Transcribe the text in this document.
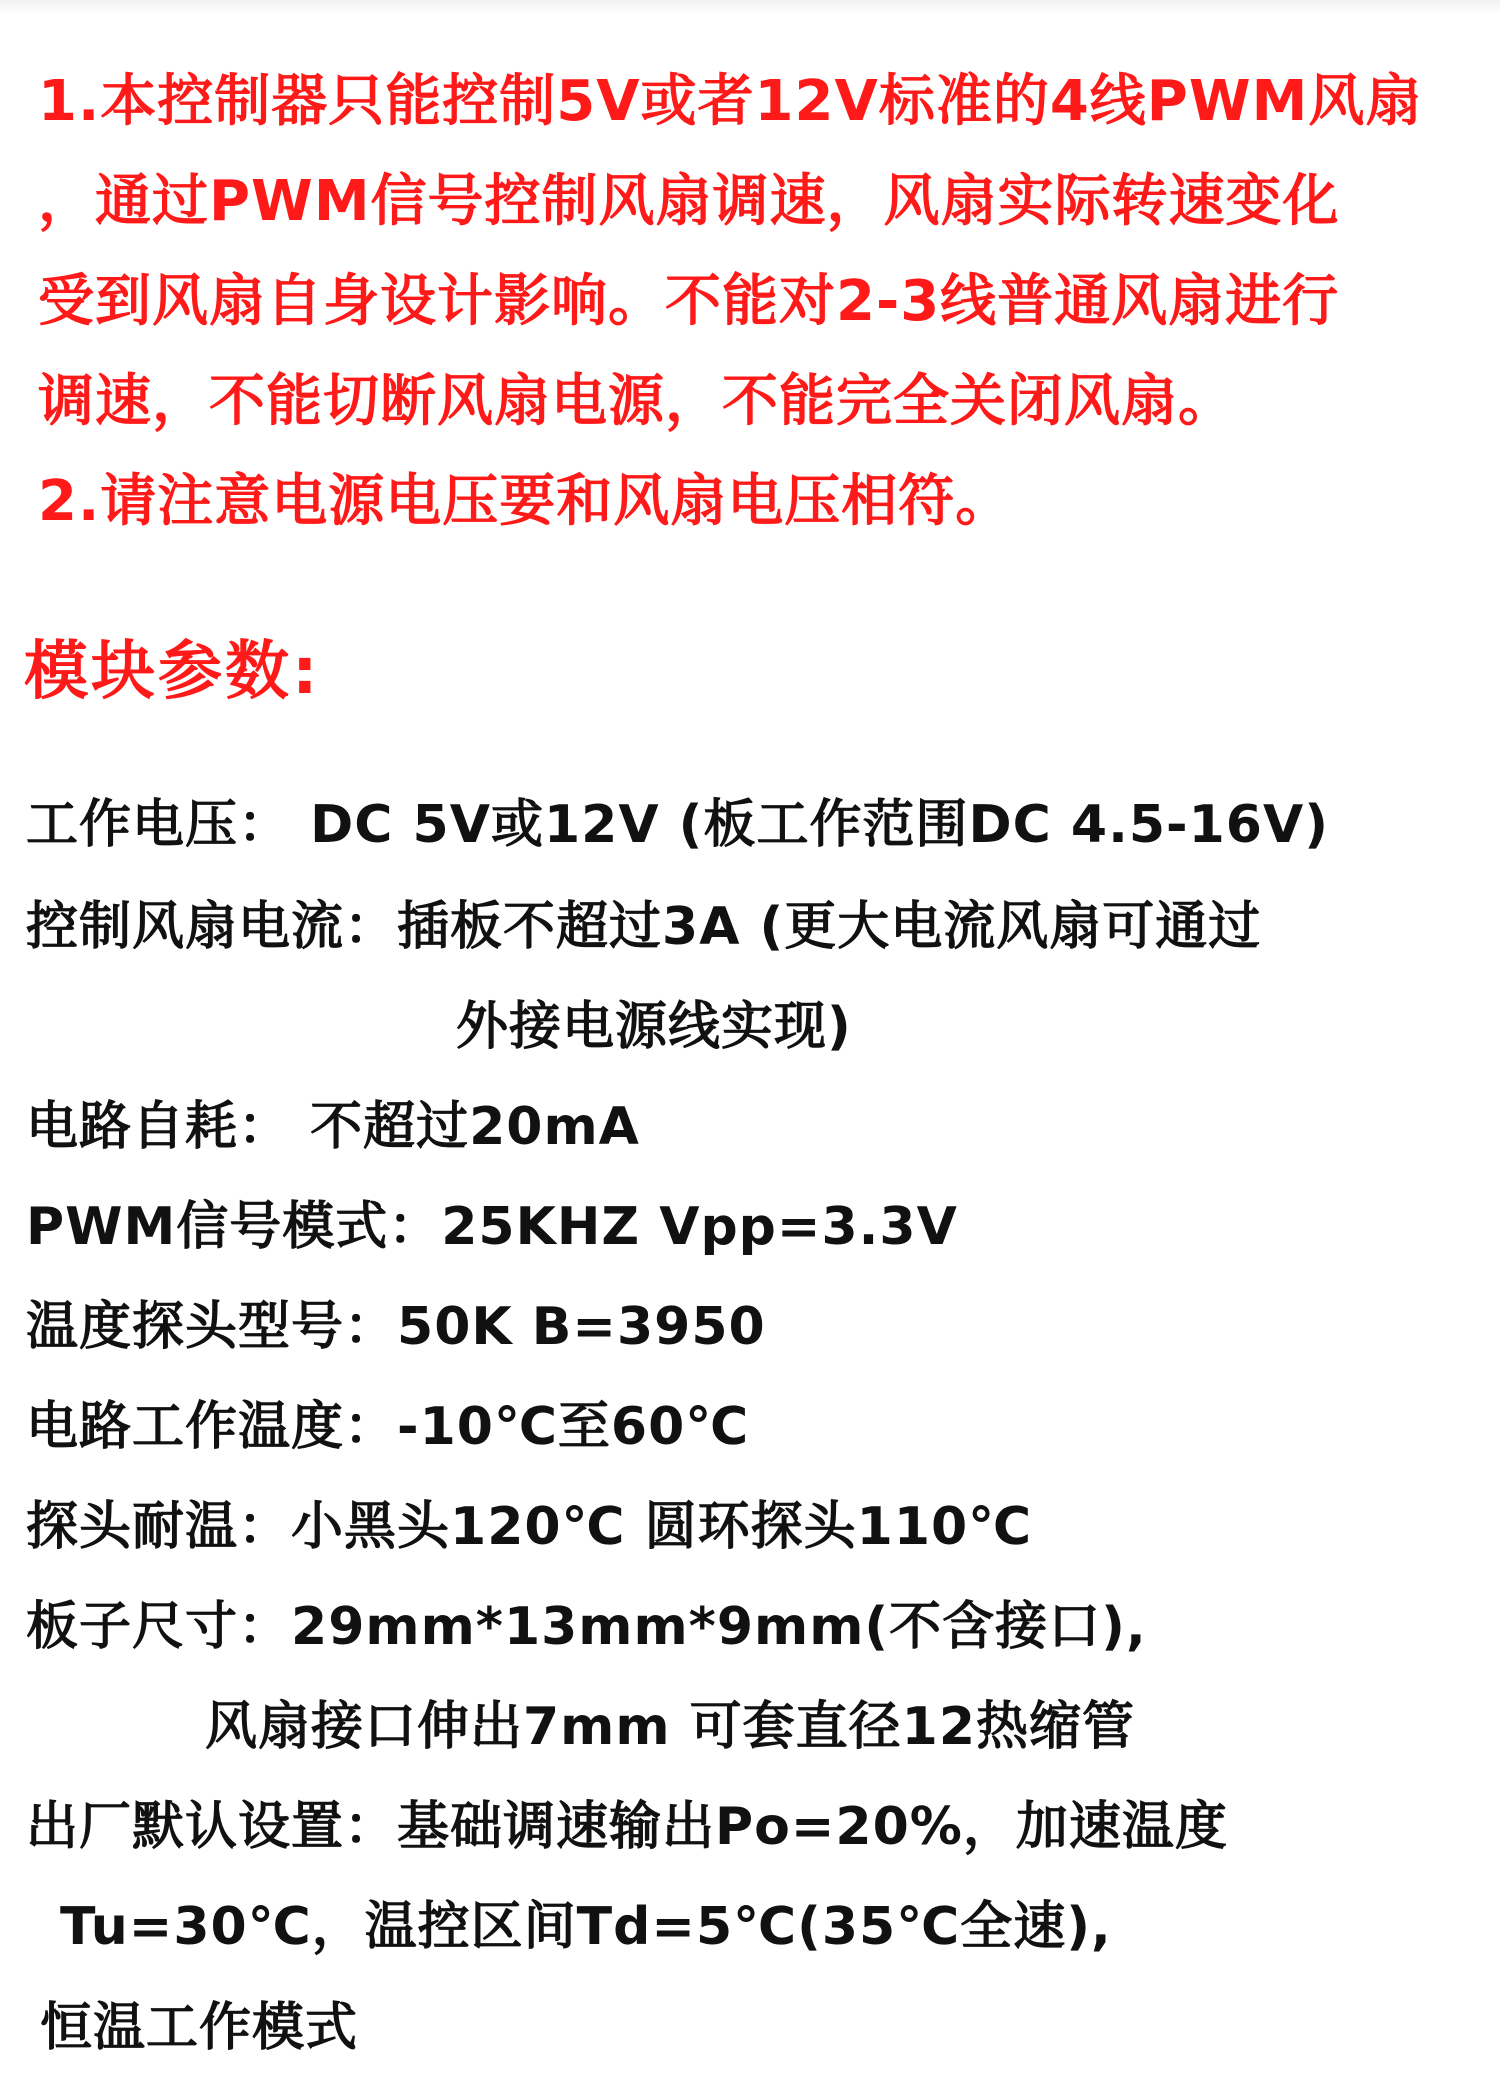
1.本控制器只能控制5V或者12V标准的4线PWM风扇
，通过PWM信号控制风扇调速，风扇实际转速变化
受到风扇自身设计影响。不能对2-3线普通风扇进行
调速，不能切断风扇电源，不能完全关闭风扇。
2.请注意电源电压要和风扇电压相符。
模块参数:
工作电压： DC 5V或12V (板工作范围DC 4.5-16V)
控制风扇电流：插板不超过3A (更大电流风扇可通过
外接电源线实现)
电路自耗： 不超过20mA
PWM信号模式：25KHZ Vpp=3.3V
温度探头型号：50K B=3950
电路工作温度：-10℃至60℃
探头耐温：小黑头120℃ 圆环探头110℃
板子尺寸：29mm*13mm*9mm(不含接口),
风扇接口伸出7mm 可套直径12热缩管
出厂默认设置：基础调速输出Po=20%，加速温度
Tu=30℃，温控区间Td=5℃(35℃全速),
恒温工作模式
